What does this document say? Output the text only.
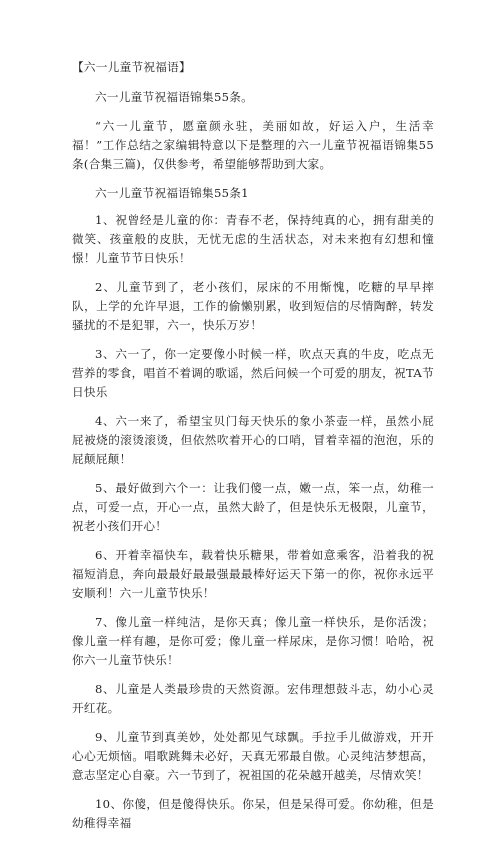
【六一儿童节祝福语】
六一儿童节祝福语锦集55条。
“六一儿童节，愿童颜永驻，美丽如故，好运入户，生活幸福！”工作总结之家编辑特意以下是整理的六一儿童节祝福语锦集55条(合集三篇)，仅供参考，希望能够帮助到大家。
六一儿童节祝福语锦集55条1
1、祝曾经是儿童的你：青春不老，保持纯真的心，拥有甜美的微笑、孩童般的皮肤，无忧无虑的生活状态，对未来抱有幻想和憧憬！儿童节节日快乐！
2、儿童节到了，老小孩们，尿床的不用惭愧，吃糖的早早摔队，上学的允许早退，工作的偷懒别累，收到短信的尽情陶醉，转发骚扰的不是犯罪，六一，快乐万岁！
3、六一了，你一定要像小时候一样，吹点天真的牛皮，吃点无营养的零食，唱首不着调的歌谣，然后问候一个可爱的朋友，祝TA节日快乐
4、六一来了，希望宝贝门每天快乐的象小茶壶一样，虽然小屁屁被烧的滚烫滚烫，但依然吹着开心的口哨，冒着幸福的泡泡，乐的屁颠屁颠！
5、最好做到六个一：让我们傻一点，嫩一点，笨一点，幼稚一点，可爱一点，开心一点，虽然大龄了，但是快乐无极限，儿童节，祝老小孩们开心！
6、开着幸福快车，载着快乐糖果，带着如意乘客，沿着我的祝福短消息，奔向最最好最最强最最棒好运天下第一的你，祝你永远平安顺利！六一儿童节快乐！
7、像儿童一样纯洁，是你天真；像儿童一样快乐，是你活泼；像儿童一样有趣，是你可爱；像儿童一样尿床，是你习惯！哈哈，祝你六一儿童节快乐！
8、儿童是人类最珍贵的天然资源。宏伟理想鼓斗志，幼小心灵开红花。
9、儿童节到真美妙，处处都见气球飘。手拉手儿做游戏，开开心心无烦恼。唱歌跳舞未必好，天真无邪最自傲。心灵纯洁梦想高，意志坚定心自豪。六一节到了，祝祖国的花朵越开越美，尽情欢笑！
10、你傻，但是傻得快乐。你呆，但是呆得可爱。你幼稚，但是幼稚得幸福
